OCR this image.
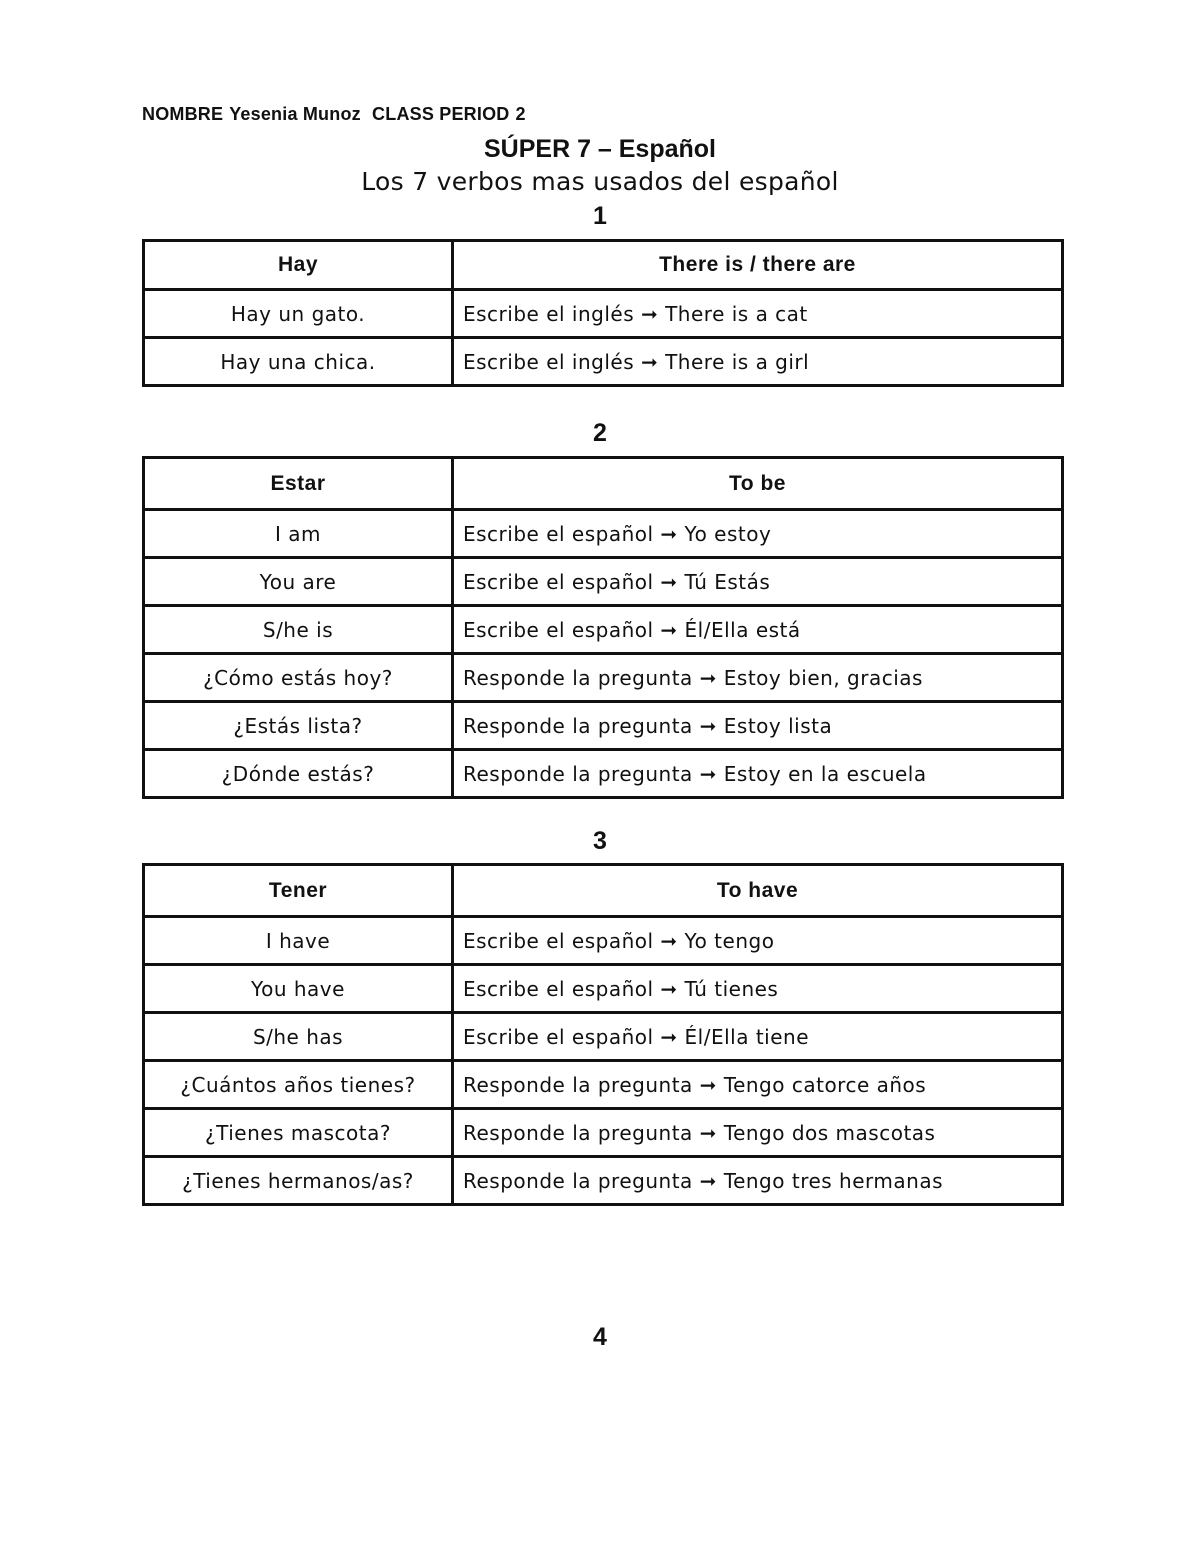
NOMBRE Yesenia Munoz CLASS PERIOD 2
SÚPER 7 – Español
Los 7 verbos mas usados del español
1
Hay	There is / there are
Hay un gato.	Escribe el inglés ➞ There is a cat
Hay una chica.	Escribe el inglés ➞ There is a girl
2
Estar	To be
I am	Escribe el español ➞ Yo estoy
You are	Escribe el español ➞ Tú Estás
S/he is	Escribe el español ➞ Él/Ella está
¿Cómo estás hoy?	Responde la pregunta ➞ Estoy bien, gracias
¿Estás lista?	Responde la pregunta ➞ Estoy lista
¿Dónde estás?	Responde la pregunta ➞ Estoy en la escuela
3
Tener	To have
I have	Escribe el español ➞ Yo tengo
You have	Escribe el español ➞ Tú tienes
S/he has	Escribe el español ➞ Él/Ella tiene
¿Cuántos años tienes?	Responde la pregunta ➞ Tengo catorce años
¿Tienes mascota?	Responde la pregunta ➞ Tengo dos mascotas
¿Tienes hermanos/as?	Responde la pregunta ➞ Tengo tres hermanas
4
